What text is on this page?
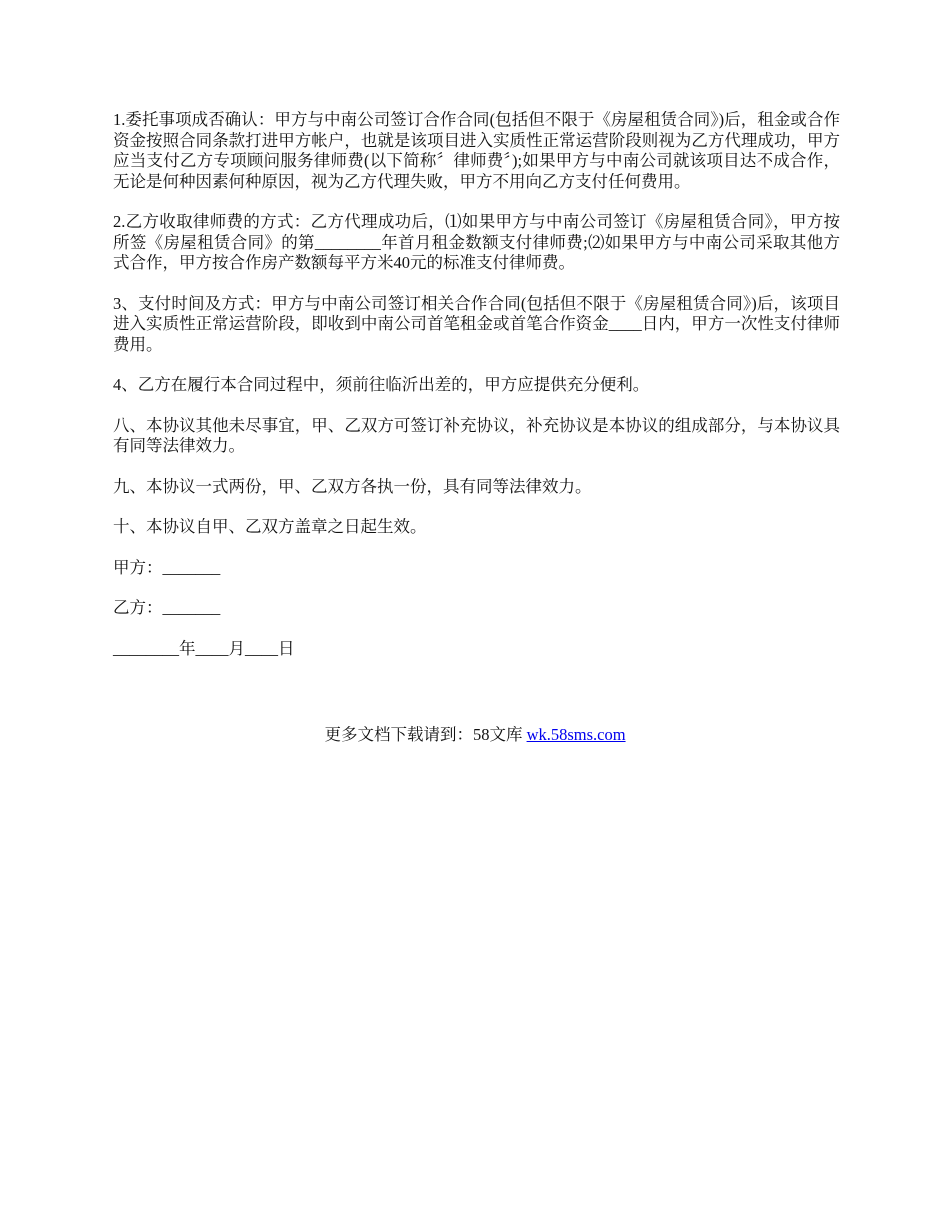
1.委托事项成否确认：甲方与中南公司签订合作合同(包括但不限于《房屋租赁合同》)后，租金或合作资金按照合同条款打进甲方帐户，也就是该项目进入实质性正常运营阶段则视为乙方代理成功，甲方应当支付乙方专项顾问服务律师费(以下简称〞律师费〞);如果甲方与中南公司就该项目达不成合作，无论是何种因素何种原因，视为乙方代理失败，甲方不用向乙方支付任何费用。

2.乙方收取律师费的方式：乙方代理成功后，⑴如果甲方与中南公司签订《房屋租赁合同》，甲方按所签《房屋租赁合同》的第________年首月租金数额支付律师费;⑵如果甲方与中南公司采取其他方式合作，甲方按合作房产数额每平方米40元的标准支付律师费。

3、支付时间及方式：甲方与中南公司签订相关合作合同(包括但不限于《房屋租赁合同》)后，该项目进入实质性正常运营阶段，即收到中南公司首笔租金或首笔合作资金____日内，甲方一次性支付律师费用。

4、乙方在履行本合同过程中，须前往临沂出差的，甲方应提供充分便利。

八、本协议其他未尽事宜，甲、乙双方可签订补充协议，补充协议是本协议的组成部分，与本协议具有同等法律效力。

九、本协议一式两份，甲、乙双方各执一份，具有同等法律效力。

十、本协议自甲、乙双方盖章之日起生效。

甲方：_______

乙方：_______

________年____月____日

更多文档下载请到：58文库 wk.58sms.com
